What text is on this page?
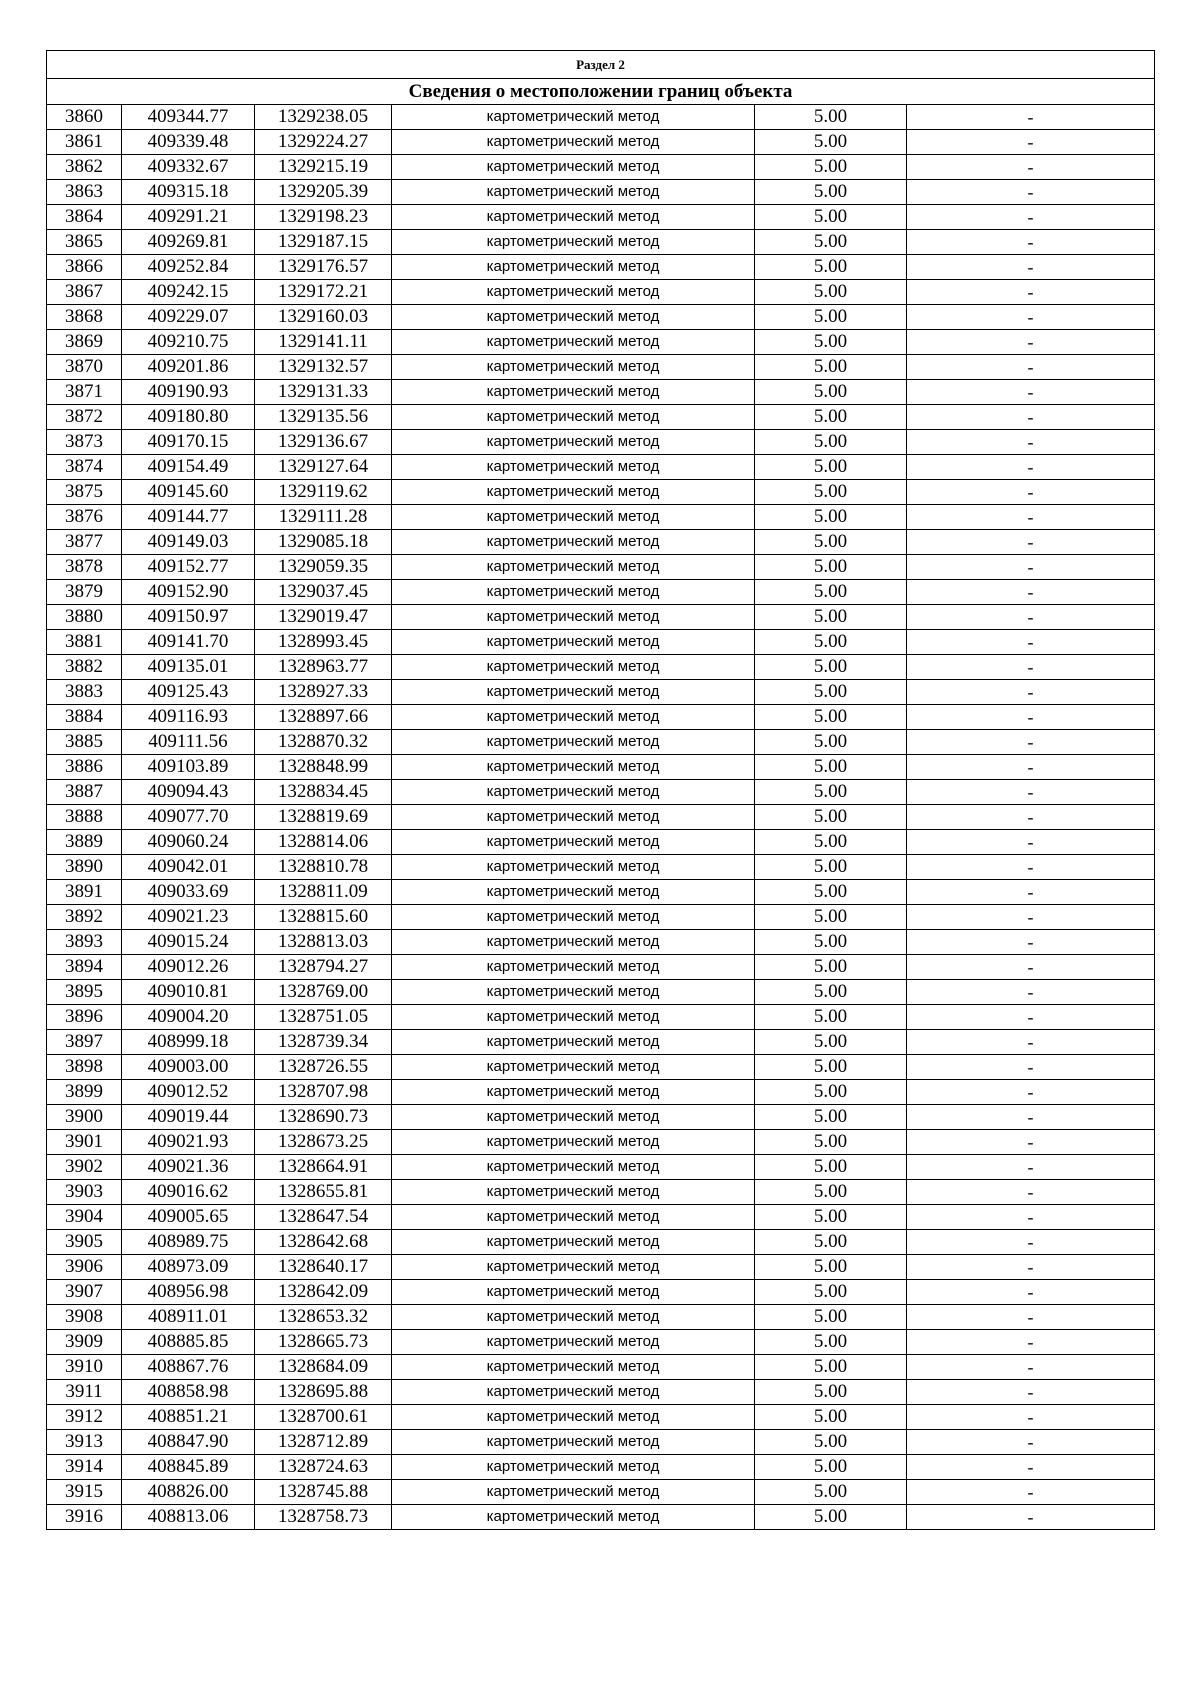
Раздел 2					
Сведения о местоположении границ объекта					
3860	409344.77	1329238.05	картометрический метод	5.00	-
3861	409339.48	1329224.27	картометрический метод	5.00	-
3862	409332.67	1329215.19	картометрический метод	5.00	-
3863	409315.18	1329205.39	картометрический метод	5.00	-
3864	409291.21	1329198.23	картометрический метод	5.00	-
3865	409269.81	1329187.15	картометрический метод	5.00	-
3866	409252.84	1329176.57	картометрический метод	5.00	-
3867	409242.15	1329172.21	картометрический метод	5.00	-
3868	409229.07	1329160.03	картометрический метод	5.00	-
3869	409210.75	1329141.11	картометрический метод	5.00	-
3870	409201.86	1329132.57	картометрический метод	5.00	-
3871	409190.93	1329131.33	картометрический метод	5.00	-
3872	409180.80	1329135.56	картометрический метод	5.00	-
3873	409170.15	1329136.67	картометрический метод	5.00	-
3874	409154.49	1329127.64	картометрический метод	5.00	-
3875	409145.60	1329119.62	картометрический метод	5.00	-
3876	409144.77	1329111.28	картометрический метод	5.00	-
3877	409149.03	1329085.18	картометрический метод	5.00	-
3878	409152.77	1329059.35	картометрический метод	5.00	-
3879	409152.90	1329037.45	картометрический метод	5.00	-
3880	409150.97	1329019.47	картометрический метод	5.00	-
3881	409141.70	1328993.45	картометрический метод	5.00	-
3882	409135.01	1328963.77	картометрический метод	5.00	-
3883	409125.43	1328927.33	картометрический метод	5.00	-
3884	409116.93	1328897.66	картометрический метод	5.00	-
3885	409111.56	1328870.32	картометрический метод	5.00	-
3886	409103.89	1328848.99	картометрический метод	5.00	-
3887	409094.43	1328834.45	картометрический метод	5.00	-
3888	409077.70	1328819.69	картометрический метод	5.00	-
3889	409060.24	1328814.06	картометрический метод	5.00	-
3890	409042.01	1328810.78	картометрический метод	5.00	-
3891	409033.69	1328811.09	картометрический метод	5.00	-
3892	409021.23	1328815.60	картометрический метод	5.00	-
3893	409015.24	1328813.03	картометрический метод	5.00	-
3894	409012.26	1328794.27	картометрический метод	5.00	-
3895	409010.81	1328769.00	картометрический метод	5.00	-
3896	409004.20	1328751.05	картометрический метод	5.00	-
3897	408999.18	1328739.34	картометрический метод	5.00	-
3898	409003.00	1328726.55	картометрический метод	5.00	-
3899	409012.52	1328707.98	картометрический метод	5.00	-
3900	409019.44	1328690.73	картометрический метод	5.00	-
3901	409021.93	1328673.25	картометрический метод	5.00	-
3902	409021.36	1328664.91	картометрический метод	5.00	-
3903	409016.62	1328655.81	картометрический метод	5.00	-
3904	409005.65	1328647.54	картометрический метод	5.00	-
3905	408989.75	1328642.68	картометрический метод	5.00	-
3906	408973.09	1328640.17	картометрический метод	5.00	-
3907	408956.98	1328642.09	картометрический метод	5.00	-
3908	408911.01	1328653.32	картометрический метод	5.00	-
3909	408885.85	1328665.73	картометрический метод	5.00	-
3910	408867.76	1328684.09	картометрический метод	5.00	-
3911	408858.98	1328695.88	картометрический метод	5.00	-
3912	408851.21	1328700.61	картометрический метод	5.00	-
3913	408847.90	1328712.89	картометрический метод	5.00	-
3914	408845.89	1328724.63	картометрический метод	5.00	-
3915	408826.00	1328745.88	картометрический метод	5.00	-
3916	408813.06	1328758.73	картометрический метод	5.00	-
